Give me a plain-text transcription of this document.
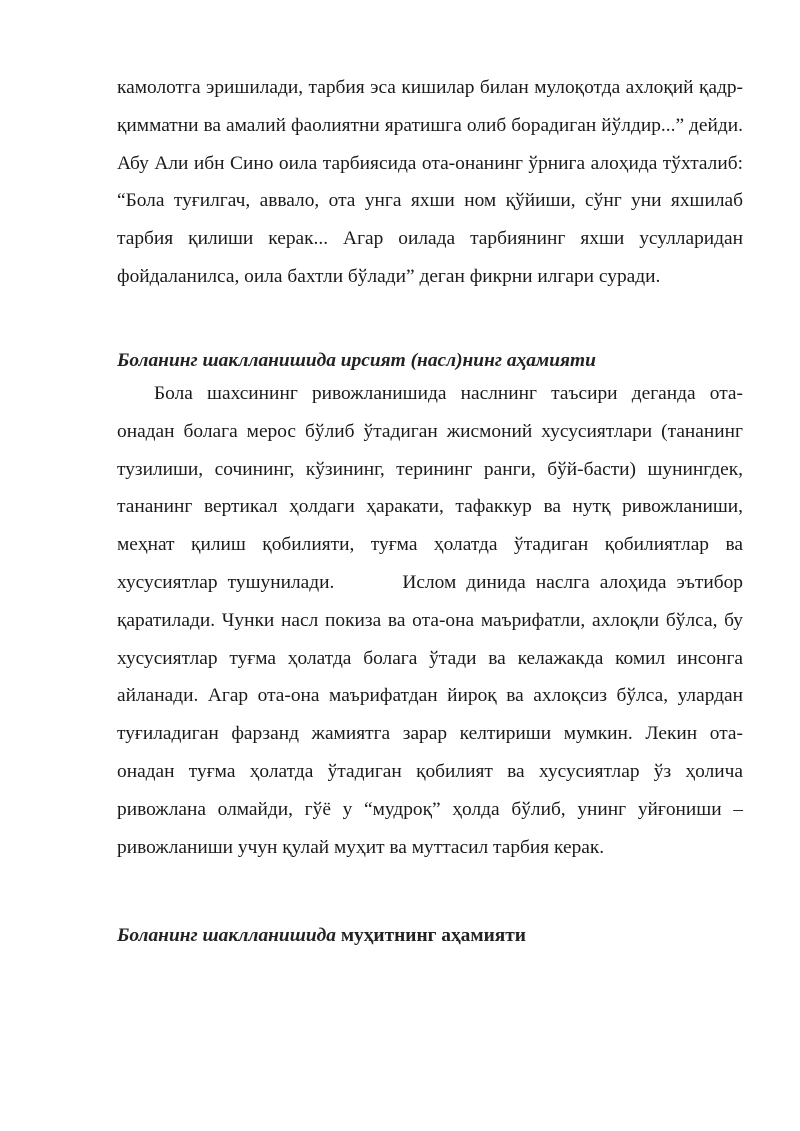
камолотга эришилади, тарбия эса кишилар билан мулоқотда ахлоқий қадр-қимматни ва амалий фаолиятни яратишга олиб борадиган йўлдир...” дейди. Абу Али ибн Сино оила тарбиясида ота-онанинг ўрнига алоҳида тўхталиб: “Бола туғилгач, аввало, ота унга яхши ном қўйиши, сўнг уни яхшилаб тарбия қилиши керак... Агар оилада тарбиянинг яхши усулларидан фойдаланилса, оила бахтли бўлади” деган фикрни илгари суради.

Боланинг шаклланишида ирсият (насл)нинг аҳамияти

Бола шахсининг ривожланишида наслнинг таъсири деганда ота-онадан болага мерос бўлиб ўтадиган жисмоний хусусиятлари (тананинг тузилиши, сочининг, кўзининг, терининг ранги, бўй-басти) шунингдек, тананинг вертикал ҳолдаги ҳаракати, тафаккур ва нутқ ривожланиши, меҳнат қилиш қобилияти, туғма ҳолатда ўтадиган қобилиятлар ва хусусиятлар тушунилади.	Ислом динида наслга алоҳида эътибор қаратилади. Чунки насл покиза ва ота-она маърифатли, ахлоқли бўлса, бу хусусиятлар туғма ҳолатда болага ўтади ва келажакда комил инсонга айланади. Агар ота-она маърифатдан йироқ ва ахлоқсиз бўлса, улардан туғиладиган фарзанд жамиятга зарар келтириши мумкин. Лекин ота-онадан туғма ҳолатда ўтадиган қобилият ва хусусиятлар ўз ҳолича ривожлана олмайди, гўё у “мудроқ” ҳолда бўлиб, унинг уйғониши – ривожланиши учун қулай муҳит ва муттасил тарбия керак.

Боланинг шаклланишида муҳитнинг аҳамияти
